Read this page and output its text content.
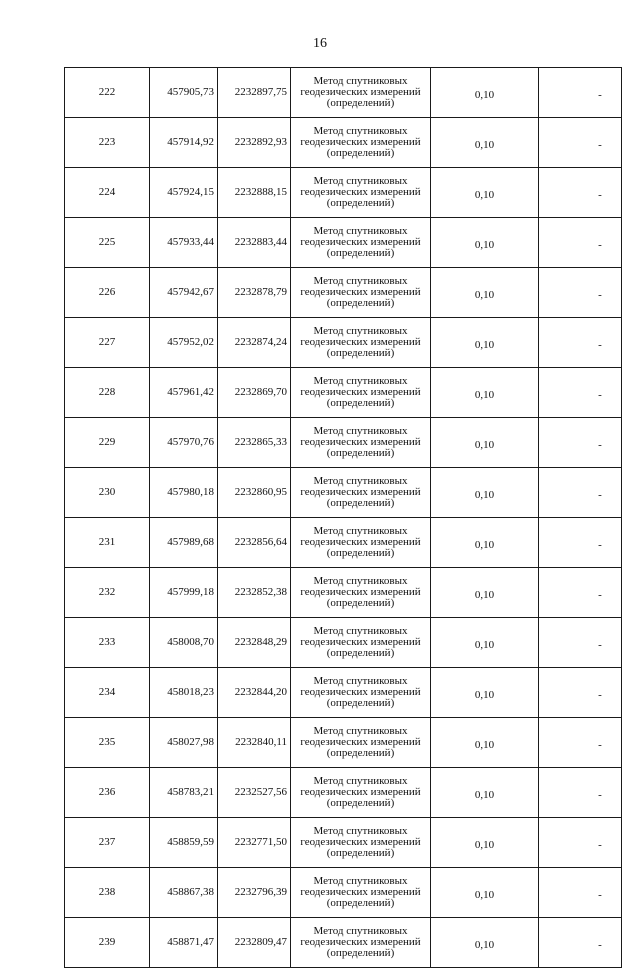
16
222	457905,73	2232897,75	Метод спутниковых
геодезических измерений
(определений)	0,10	-
223	457914,92	2232892,93	Метод спутниковых
геодезических измерений
(определений)	0,10	-
224	457924,15	2232888,15	Метод спутниковых
геодезических измерений
(определений)	0,10	-
225	457933,44	2232883,44	Метод спутниковых
геодезических измерений
(определений)	0,10	-
226	457942,67	2232878,79	Метод спутниковых
геодезических измерений
(определений)	0,10	-
227	457952,02	2232874,24	Метод спутниковых
геодезических измерений
(определений)	0,10	-
228	457961,42	2232869,70	Метод спутниковых
геодезических измерений
(определений)	0,10	-
229	457970,76	2232865,33	Метод спутниковых
геодезических измерений
(определений)	0,10	-
230	457980,18	2232860,95	Метод спутниковых
геодезических измерений
(определений)	0,10	-
231	457989,68	2232856,64	Метод спутниковых
геодезических измерений
(определений)	0,10	-
232	457999,18	2232852,38	Метод спутниковых
геодезических измерений
(определений)	0,10	-
233	458008,70	2232848,29	Метод спутниковых
геодезических измерений
(определений)	0,10	-
234	458018,23	2232844,20	Метод спутниковых
геодезических измерений
(определений)	0,10	-
235	458027,98	2232840,11	Метод спутниковых
геодезических измерений
(определений)	0,10	-
236	458783,21	2232527,56	Метод спутниковых
геодезических измерений
(определений)	0,10	-
237	458859,59	2232771,50	Метод спутниковых
геодезических измерений
(определений)	0,10	-
238	458867,38	2232796,39	Метод спутниковых
геодезических измерений
(определений)	0,10	-
239	458871,47	2232809,47	Метод спутниковых
геодезических измерений
(определений)	0,10	-
